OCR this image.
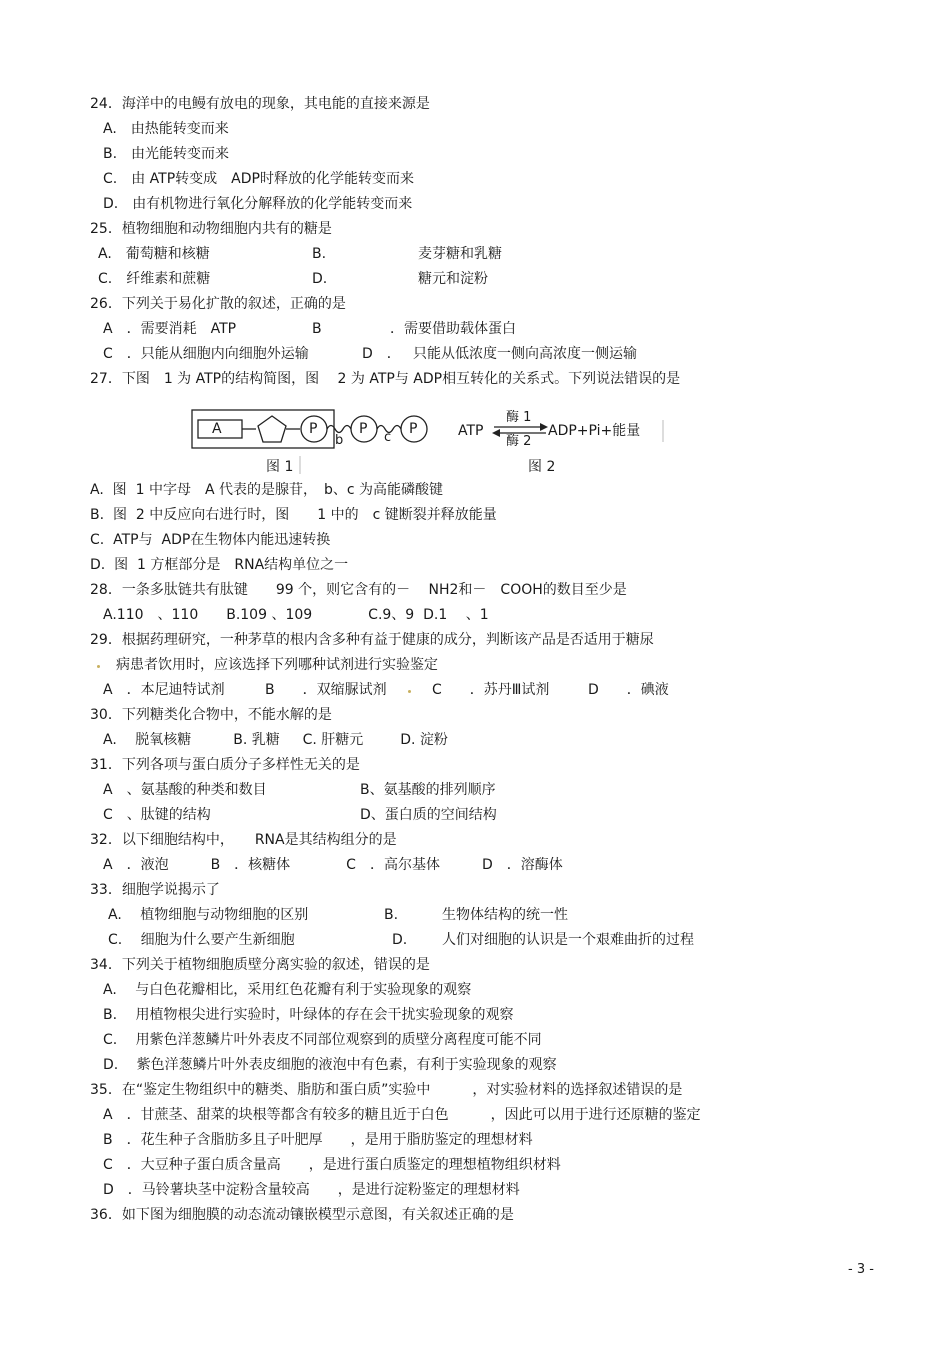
24．海洋中的电鳗有放电的现象，其电能的直接来源是
A.　由热能转变而来
B.　由光能转变而来
C.　由 ATP转变成　ADP时释放的化学能转变而来
D.　由有机物进行氧化分解释放的化学能转变而来
25．植物细胞和动物细胞内共有的糖是
A.　葡萄糖和核糖	B.	麦芽糖和乳糖
C.　纤维素和蔗糖	D.	糖元和淀粉
26．下列关于易化扩散的叙述，正确的是
A　．需要消耗　ATP	B	．需要借助载体蛋白
C　．只能从细胞内向细胞外运输	D　． 只能从低浓度一侧向高浓度一侧运输
27．下图　1 为 ATP的结构简图，图　 2 为 ATP与 ADP相互转化的关系式。下列说法错误的是
A	P	P	P
b	c
图 1
ATP
酶 1
酶 2
ADP+Pi+能量
图 2
A.  图  1 中字母　A 代表的是腺苷，　b、c 为高能磷酸键
B.  图  2 中反应向右进行时，图　　1 中的　c 键断裂并释放能量
C.  ATP与  ADP在生物体内能迅速转换
D.  图  1 方框部分是　RNA结构单位之一
28．一条多肽链共有肽键　　99 个，则它含有的－　 NH2和－　COOH的数目至少是
A.110　、110　　B.109 、109　　　　C.9、9  D.1 　、1
29．根据药理研究，一种茅草的根内含多种有益于健康的成分，判断该产品是否适用于糖尿
病患者饮用时，应该选择下列哪种试剂进行实验鉴定
A　．本尼迪特试剂	B　　．双缩脲试剂	C　　．苏丹Ⅲ试剂	D　　．碘液
30．下列糖类化合物中，不能水解的是
A.　 脱氧核糖　　　B. 乳糖　  C. 肝糖元　　  D. 淀粉
31．下列各项与蛋白质分子多样性无关的是
A　、氨基酸的种类和数目	B、氨基酸的排列顺序
C　、肽键的结构	D、蛋白质的空间结构
32．以下细胞结构中，　　RNA是其结构组分的是
A　．液泡　　　B　．核糖体　　　　C　．高尔基体　　　D　．溶酶体
33．细胞学说揭示了
A.　 植物细胞与动物细胞的区别	B.	生物体结构的统一性
C.　 细胞为什么要产生新细胞	D. 人们对细胞的认识是一个艰难曲折的过程
34．下列关于植物细胞质壁分离实验的叙述，错误的是
A.　 与白色花瓣相比，采用红色花瓣有利于实验现象的观察
B.　 用植物根尖进行实验时，叶绿体的存在会干扰实验现象的观察
C.　 用紫色洋葱鳞片叶外表皮不同部位观察到的质壁分离程度可能不同
D.　 紫色洋葱鳞片叶外表皮细胞的液泡中有色素，有利于实验现象的观察
35．在“鉴定生物组织中的糖类、脂肪和蛋白质”实验中　　　，对实验材料的选择叙述错误的是
A　．甘蔗茎、甜菜的块根等都含有较多的糖且近于白色　　　，因此可以用于进行还原糖的鉴定
B　．花生种子含脂肪多且子叶肥厚　　，是用于脂肪鉴定的理想材料
C　．大豆种子蛋白质含量高　　，是进行蛋白质鉴定的理想植物组织材料
D　．马铃薯块茎中淀粉含量较高　　，是进行淀粉鉴定的理想材料
36．如下图为细胞膜的动态流动镶嵌模型示意图，有关叙述正确的是
- 3 -
